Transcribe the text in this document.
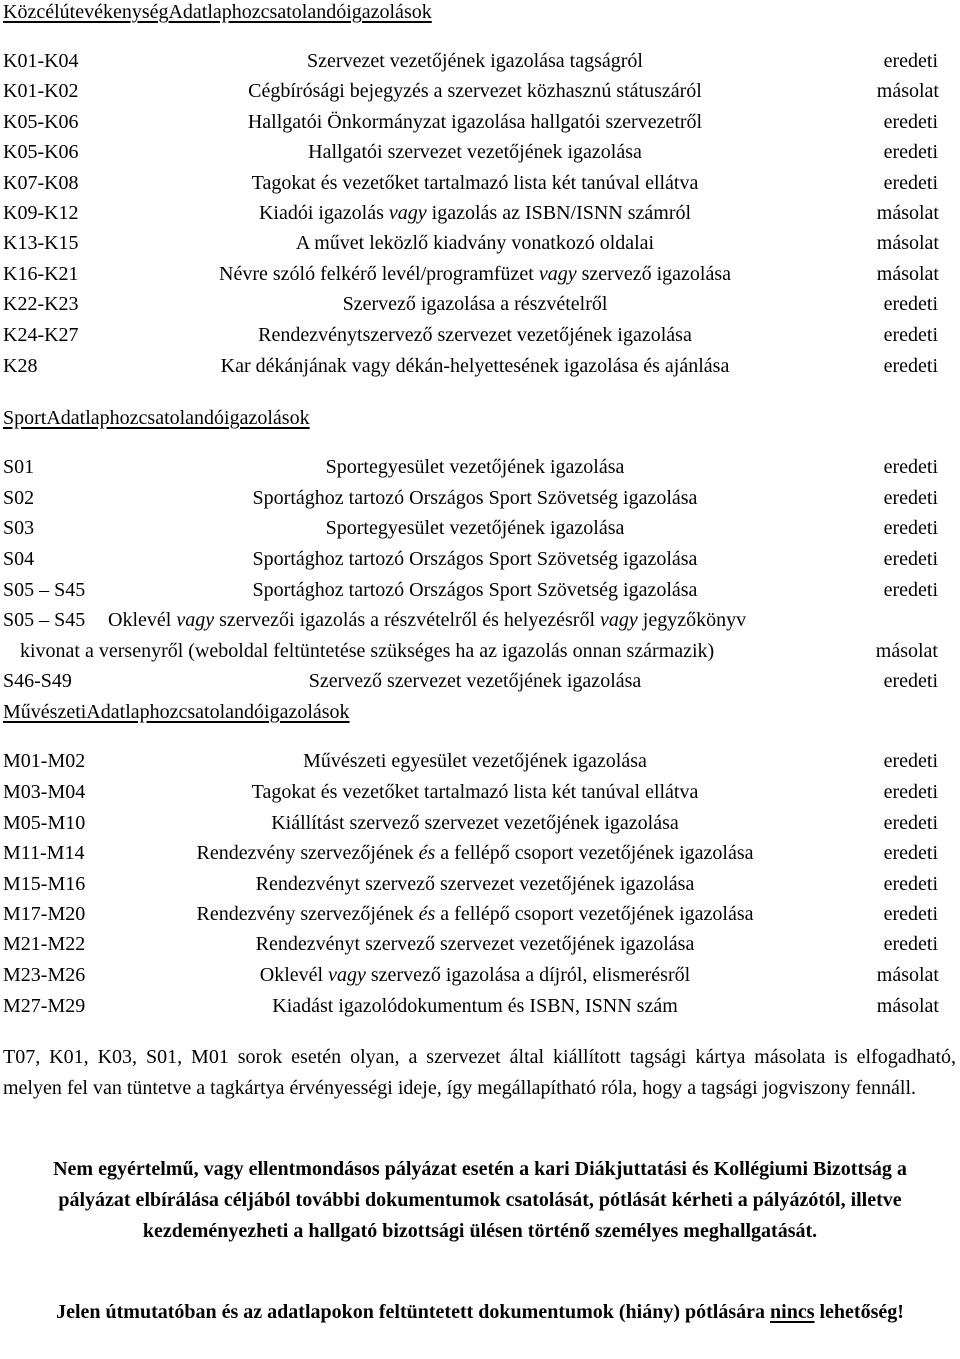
KözcélútevékenységAdatlaphozcsatolandóigazolások
K01-K04	Szervezet vezetőjének igazolása tagságról	eredeti
K01-K02	Cégbírósági bejegyzés a szervezet közhasznú státuszáról	másolat
K05-K06	Hallgatói Önkormányzat igazolása hallgatói szervezetről	eredeti
K05-K06	Hallgatói szervezet vezetőjének igazolása	eredeti
K07-K08	Tagokat és vezetőket tartalmazó lista két tanúval ellátva	eredeti
K09-K12	Kiadói igazolás vagy igazolás az ISBN/ISNN számról	másolat
K13-K15	A művet leközlő kiadvány vonatkozó oldalai	másolat
K16-K21	Névre szóló felkérő levél/programfüzet vagy szervező igazolása	másolat
K22-K23	Szervező igazolása a részvételről	eredeti
K24-K27	Rendezvénytszervező szervezet vezetőjének igazolása	eredeti
K28	Kar dékánjának vagy dékán-helyettesének igazolása és ajánlása	eredeti
SportAdatlaphozcsatolandóigazolások
S01	Sportegyesület vezetőjének igazolása	eredeti
S02	Sportághoz tartozó Országos Sport Szövetség igazolása	eredeti
S03	Sportegyesület vezetőjének igazolása	eredeti
S04	Sportághoz tartozó Országos Sport Szövetség igazolása	eredeti
S05 – S45	Sportághoz tartozó Országos Sport Szövetség igazolása	eredeti
S05 – S45 Oklevél vagy szervezői igazolás a részvételről és helyezésről vagy jegyzőkönyv
kivonat a versenyről (weboldal feltüntetése szükséges ha az igazolás onnan származik)	másolat
S46-S49	Szervező szervezet vezetőjének igazolása	eredeti
MűvészetiAdatlaphozcsatolandóigazolások
M01-M02	Művészeti egyesület vezetőjének igazolása	eredeti
M03-M04	Tagokat és vezetőket tartalmazó lista két tanúval ellátva	eredeti
M05-M10	Kiállítást szervező szervezet vezetőjének igazolása	eredeti
M11-M14	Rendezvény szervezőjének és a fellépő csoport vezetőjének igazolása	eredeti
M15-M16	Rendezvényt szervező szervezet vezetőjének igazolása	eredeti
M17-M20	Rendezvény szervezőjének és a fellépő csoport vezetőjének igazolása	eredeti
M21-M22	Rendezvényt szervező szervezet vezetőjének igazolása	eredeti
M23-M26	Oklevél vagy szervező igazolása a díjról, elismerésről	másolat
M27-M29	Kiadást igazolódokumentum és ISBN, ISNN szám	másolat
T07, K01, K03, S01, M01 sorok esetén olyan, a szervezet által kiállított tagsági kártya másolata is elfogadható, melyen fel van tüntetve a tagkártya érvényességi ideje, így megállapítható róla, hogy a tagsági jogviszony fennáll.
Nem egyértelmű, vagy ellentmondásos pályázat esetén a kari Diákjuttatási és Kollégiumi Bizottság a pályázat elbírálása céljából további dokumentumok csatolását, pótlását kérheti a pályázótól, illetve kezdeményezheti a hallgató bizottsági ülésen történő személyes meghallgatását.
Jelen útmutatóban és az adatlapokon feltüntetett dokumentumok (hiány) pótlására nincs lehetőség!
